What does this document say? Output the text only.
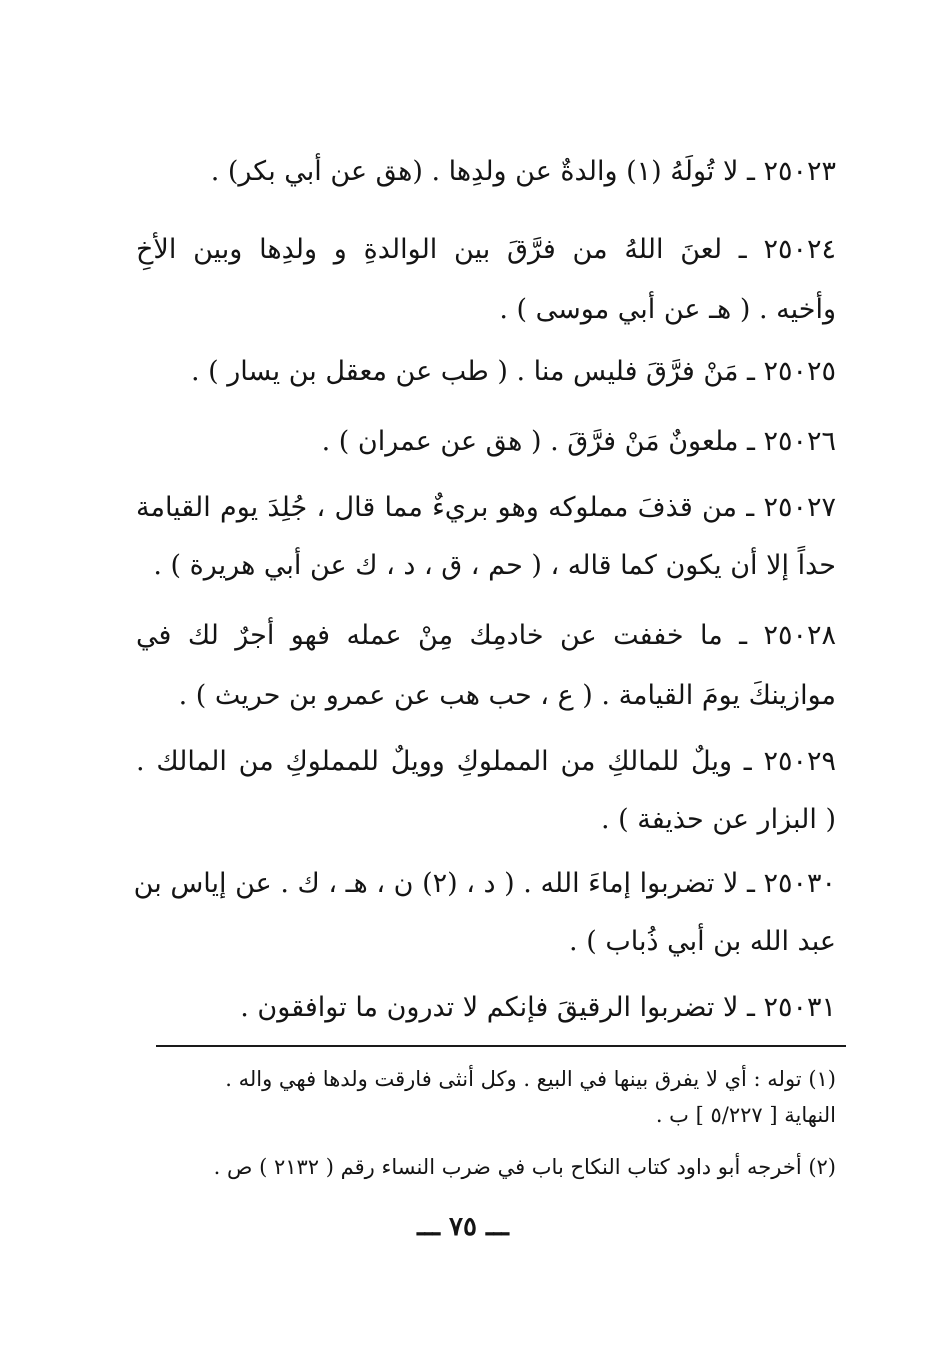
٢٥٠٢٣ ـ لا تُولَهُ (١) والدةٌ عن ولدِها . (هق عن أبي بكر) .
٢٥٠٢٤ ـ لعنَ اللهُ من فرَّقَ بين الوالدةِ و ولدِها وبين الأخِ
وأخيه . ( هـ عن أبي موسى ) .
٢٥٠٢٥ ـ مَنْ فرَّقَ فليس منا . ( طب عن معقل بن يسار ) .
٢٥٠٢٦ ـ ملعونٌ مَنْ فرَّقَ . ( هق عن عمران ) .
٢٥٠٢٧ ـ من قذفَ مملوكه وهو بريءٌ مما قال ، جُلِدَ يوم القيامة
حداً إلا أن يكون كما قاله ، ( حم ، ق ، د ، ك عن أبي هريرة ) .
٢٥٠٢٨ ـ ما خففت عن خادمِك مِنْ عمله فهو أجرٌ لك في
موازينكَ يومَ القيامة . ( ع ، حب هب عن عمرو بن حريث ) .
٢٥٠٢٩ ـ ويلٌ للمالكِ من المملوكِ وويلٌ للمملوكِ من المالك .
( البزار عن حذيفة ) .
٢٥٠٣٠ ـ لا تضربوا إماءَ الله . ( د ، (٢) ن ، هـ ، ك . عن إياس بن
عبد الله بن أبي ذُباب ) .
٢٥٠٣١ ـ لا تضربوا الرقيقَ فإنكم لا تدرون ما توافقون .
(١) توله : أي لا يفرق بينها في البيع . وكل أنثى فارقت ولدها فهي واله .
النهاية [ ٥/٢٢٧ ] ب .
(٢) أخرجه أبو داود كتاب النكاح باب في ضرب النساء رقم ( ٢١٣٢ ) ص .
ـــ ٧٥ ـــ
